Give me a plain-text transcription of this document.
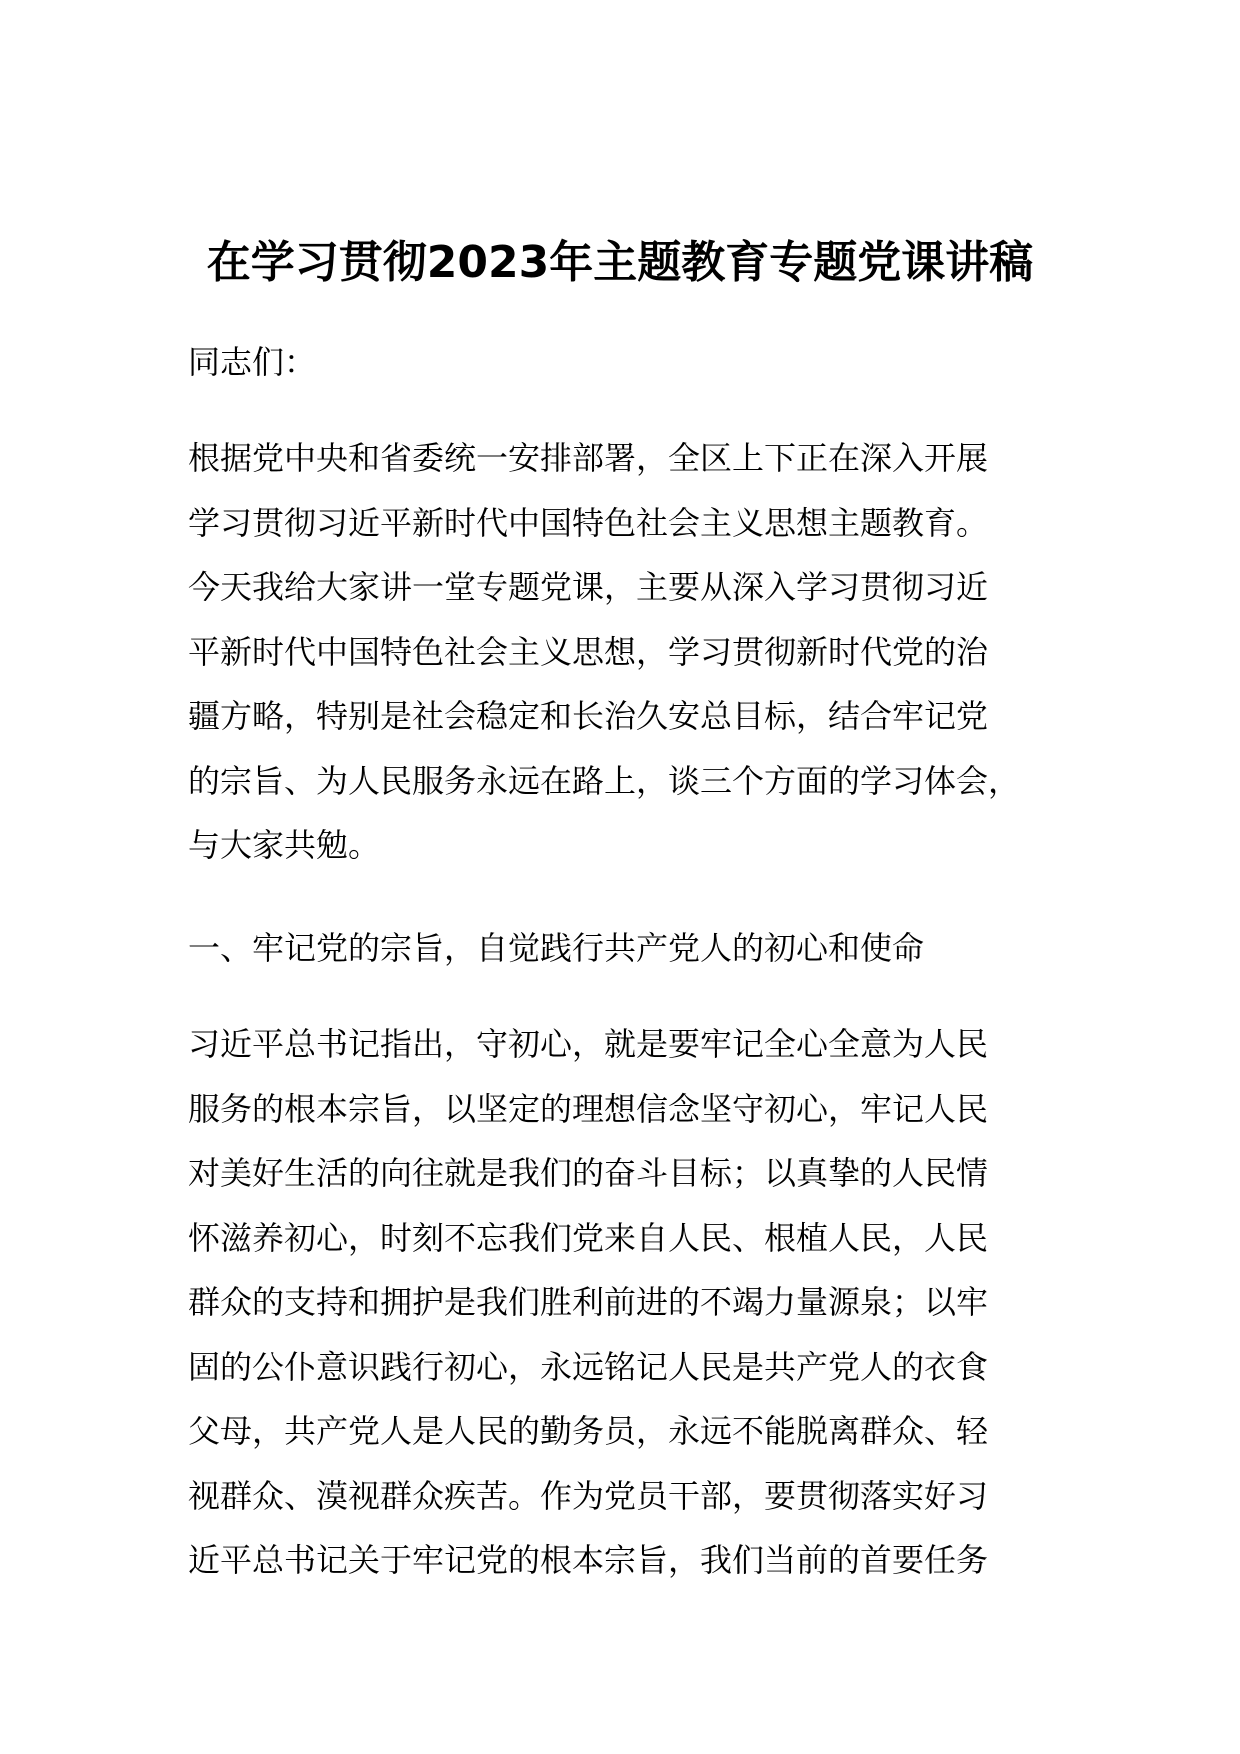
在学习贯彻2023年主题教育专题党课讲稿
同志们：
根据党中央和省委统一安排部署，全区上下正在深入开展
学习贯彻习近平新时代中国特色社会主义思想主题教育。
今天我给大家讲一堂专题党课，主要从深入学习贯彻习近
平新时代中国特色社会主义思想，学习贯彻新时代党的治
疆方略，特别是社会稳定和长治久安总目标，结合牢记党
的宗旨、为人民服务永远在路上，谈三个方面的学习体会，
与大家共勉。
一、牢记党的宗旨，自觉践行共产党人的初心和使命
习近平总书记指出，守初心，就是要牢记全心全意为人民
服务的根本宗旨，以坚定的理想信念坚守初心，牢记人民
对美好生活的向往就是我们的奋斗目标；以真挚的人民情
怀滋养初心，时刻不忘我们党来自人民、根植人民，人民
群众的支持和拥护是我们胜利前进的不竭力量源泉；以牢
固的公仆意识践行初心，永远铭记人民是共产党人的衣食
父母，共产党人是人民的勤务员，永远不能脱离群众、轻
视群众、漠视群众疾苦。作为党员干部，要贯彻落实好习
近平总书记关于牢记党的根本宗旨，我们当前的首要任务
